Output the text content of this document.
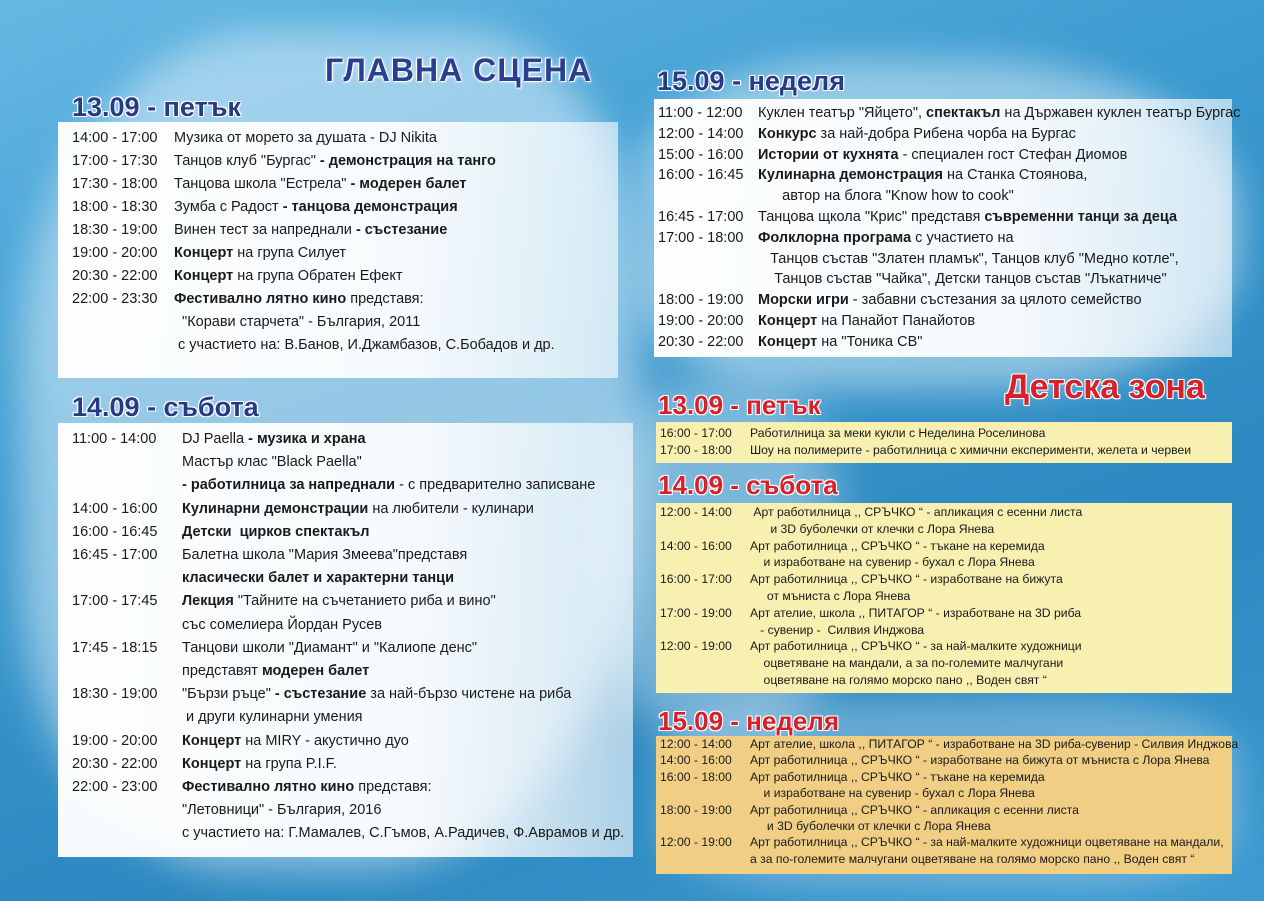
ГЛАВНА СЦЕНА
Детска зона
13.09 - петък
14.09 - събота
15.09 - неделя
13.09 - петък
14.09 - събота
15.09 - неделя
14:00 - 17:00	Музика от морето за душата - DJ Nikita
17:00 - 17:30	Танцов клуб "Бургас" - демонстрация на танго
17:30 - 18:00	Танцова школа "Естрела" - модерен балет
18:00 - 18:30	Зумба с Радост - танцова демонстрация
18:30 - 19:00	Винен тест за напреднали - състезание
19:00 - 20:00	Концерт на група Силует
20:30 - 22:00	Концерт на група Обратен Ефект
22:00 - 23:30	Фестивално лятно кино представя:
"Корави старчета" - България, 2011
с участието на: В.Банов, И.Джамбазов, С.Бобадов и др.
11:00 - 14:00	DJ Paella - музика и храна
Мастър клас "Black Paella"
- работилница за напреднали - с предварително записване
14:00 - 16:00	Кулинарни демонстрации на любители - кулинари
16:00 - 16:45	Детски  цирков спектакъл
16:45 - 17:00	Балетна школа "Мария Змеева"представя
класически балет и характерни танци
17:00 - 17:45	Лекция "Тайните на съчетанието риба и вино"
със сомелиера Йордан Русев
17:45 - 18:15	Танцови школи "Диамант" и "Калиопе денс"
представят модерен балет
18:30 - 19:00	"Бързи ръце" - състезание за най-бързо чистене на риба
и други кулинарни умения
19:00 - 20:00	Концерт на MIRY - акустично дуо
20:30 - 22:00	Концерт на група P.I.F.
22:00 - 23:00	Фестивално лятно кино представя:
"Летовници" - България, 2016
с участието на: Г.Мамалев, С.Гъмов, А.Радичев, Ф.Аврамов и др.
11:00 - 12:00	Куклен театър "Яйцето", спектакъл на Държавен куклен театър Бургас
12:00 - 14:00	Конкурс за най-добра Рибена чорба на Бургас
15:00 - 16:00	Истории от кухнята - специален гост Стефан Диомов
16:00 - 16:45	Кулинарна демонстрация на Станка Стоянова,
автор на блога "Know how to cook"
16:45 - 17:00	Танцова щкола "Крис" представя съвременни танци за деца
17:00 - 18:00	Фолклорна програма с участието на
Танцов състав "Златен пламък", Танцов клуб "Медно котле",
Танцов състав "Чайка", Детски танцов състав "Лъкатниче"
18:00 - 19:00	Морски игри - забавни състезания за цялото семейство
19:00 - 20:00	Концерт на Панайот Панайотов
20:30 - 22:00	Концерт на "Тоника СВ"
16:00 - 17:00	Работилница за меки кукли с Неделина Роселинова
17:00 - 18:00	Шоу на полимерите - работилница с химични експерименти, желета и червеи
12:00 - 14:00	Арт работилница ,, СРЪЧКО “ - апликация с есенни листа
и 3D буболечки от клечки с Лора Янева
14:00 - 16:00	Арт работилница ,, СРЪЧКО “ - тъкане на керемида
и изработване на сувенир - бухал с Лора Янева
16:00 - 17:00	Арт работилница ,, СРЪЧКО “ - изработване на бижута
от мъниста с Лора Янева
17:00 - 19:00	Арт ателие, школа ,, ПИТАГОР “ - изработване на 3D риба
- сувенир -  Силвия Инджова
12:00 - 19:00	Арт работилница ,, СРЪЧКО “ - за най-малките художници
оцветяване на мандали, а за по-големите малчугани
оцветяване на голямо морско пано ,, Воден свят “
12:00 - 14:00	Арт ателие, школа ,, ПИТАГОР “ - изработване на 3D риба-сувенир - Силвия Инджова
14:00 - 16:00	Арт работилница ,, СРЪЧКО “ - изработване на бижута от мъниста с Лора Янева
16:00 - 18:00	Арт работилница ,, СРЪЧКО “ - тъкане на керемида
и изработване на сувенир - бухал с Лора Янева
18:00 - 19:00	Арт работилница ,, СРЪЧКО “ - апликация с есенни листа
и 3D буболечки от клечки с Лора Янева
12:00 - 19:00	Арт работилница ,, СРЪЧКО “ - за най-малките художници оцветяване на мандали,
а за по-големите малчугани оцветяване на голямо морско пано ,, Воден свят “
